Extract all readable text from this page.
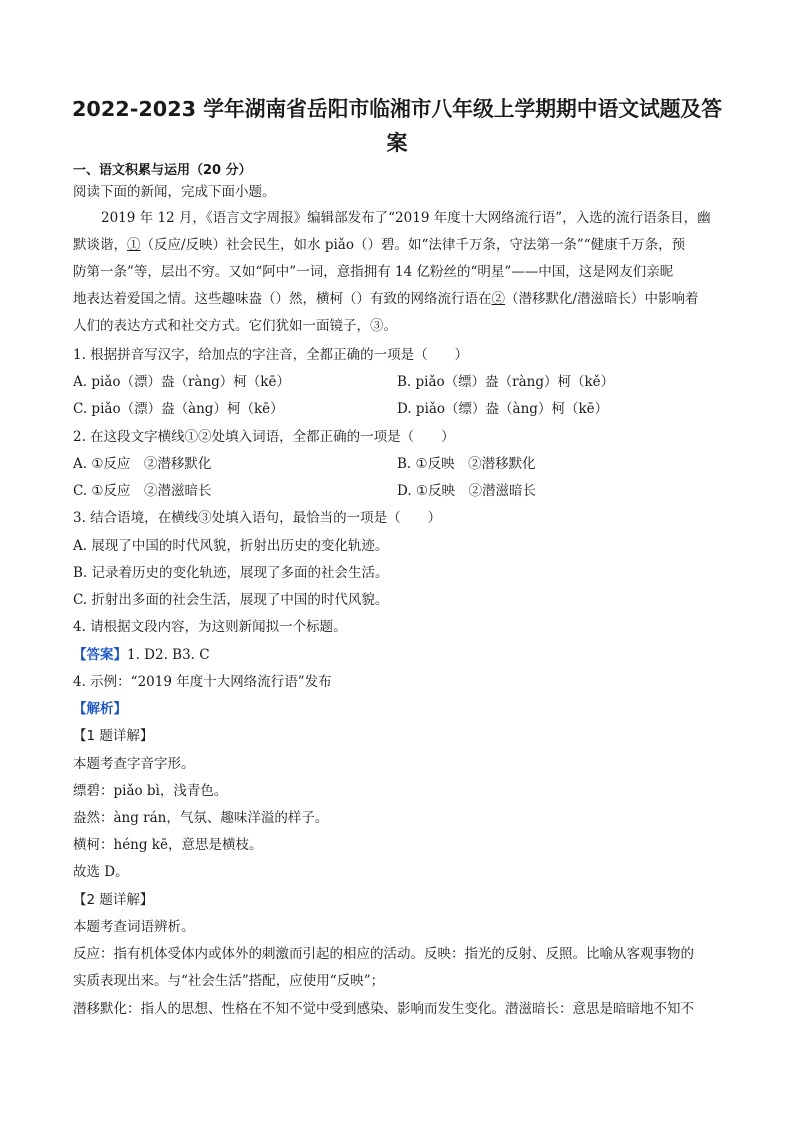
2022-2023 学年湖南省岳阳市临湘市八年级上学期期中语文试题及答
案
一、语文积累与运用（20 分）
阅读下面的新闻，完成下面小题。
2019 年 12 月，《语言文字周报》编辑部发布了“2019 年度十大网络流行语”，入选的流行语条目，幽
默谈谐，①（反应/反映）社会民生，如水 piǎo（）碧。如“法律千万条，守法第一条”“健康千万条，预
防第一条”等，层出不穷。又如“阿中”一词，意指拥有 14 亿粉丝的“明星”——中国，这是网友们亲昵
地表达着爱国之情。这些趣味盎（）然，横柯（）有致的网络流行语在②（潜移默化/潜滋暗长）中影响着
人们的表达方式和社交方式。它们犹如一面镜子，③。
1. 根据拼音写汉字，给加点的字注音，全都正确的一项是（　　）
A. piǎo（漂）盎（ràng）柯（kē）	B. piǎo（缥）盎（ràng）柯（kě）
C. piǎo（漂）盎（àng）柯（kē）	D. piǎo（缥）盎（àng）柯（kē）
2. 在这段文字横线①②处填入词语，全都正确的一项是（　　）
A. ①反应　②潜移默化	B. ①反映　②潜移默化
C. ①反应　②潜滋暗长	D. ①反映　②潜滋暗长
3. 结合语境，在横线③处填入语句，最恰当的一项是（　　）
A. 展现了中国的时代风貌，折射出历史的变化轨迹。
B. 记录着历史的变化轨迹，展现了多面的社会生活。
C. 折射出多面的社会生活，展现了中国的时代风貌。
4. 请根据文段内容，为这则新闻拟一个标题。
【答案】1. D2. B3. C
4. 示例：“2019 年度十大网络流行语”发布
【解析】
【1 题详解】
本题考查字音字形。
缥碧：piǎo bì，浅青色。
盎然：àng rán，气氛、趣味洋溢的样子。
横柯：héng kē，意思是横枝。
故选 D。
【2 题详解】
本题考查词语辨析。
反应：指有机体受体内或体外的刺激而引起的相应的活动。反映：指光的反射、反照。比喻从客观事物的
实质表现出来。与“社会生活”搭配，应使用“反映”；
潜移默化：指人的思想、性格在不知不觉中受到感染、影响而发生变化。潜滋暗长：意思是暗暗地不知不
